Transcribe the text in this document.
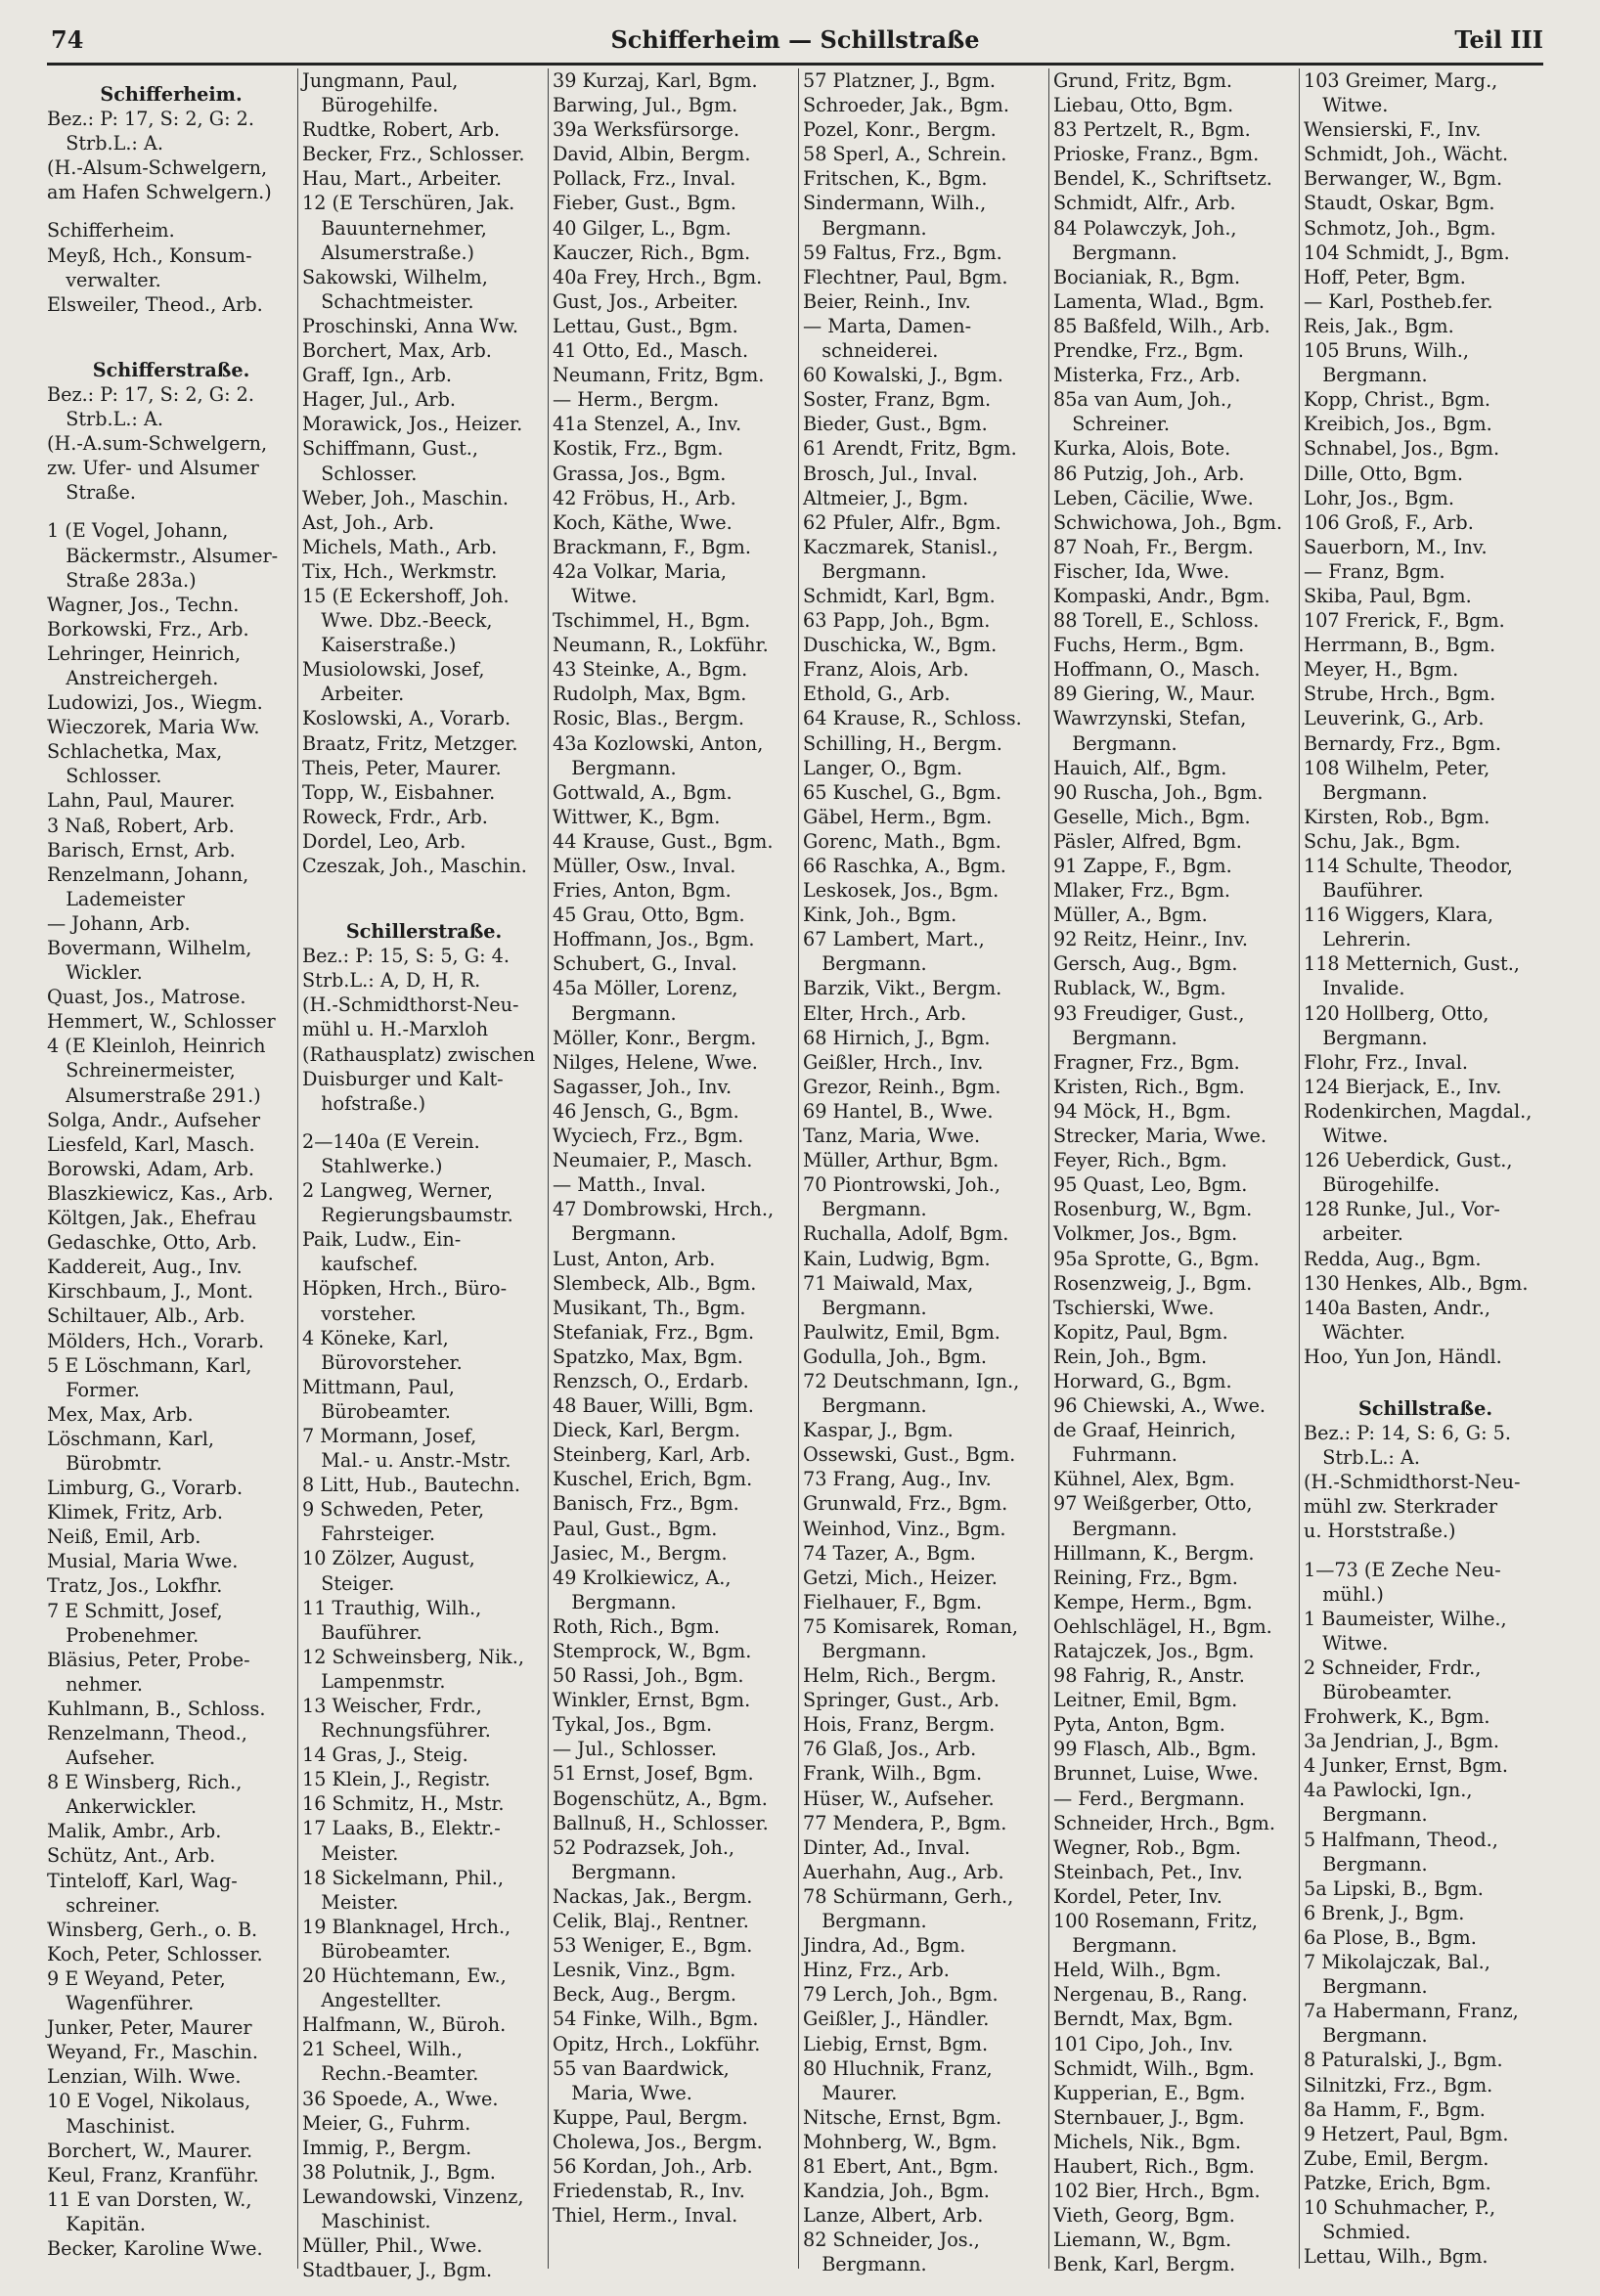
74	Schifferheim — Schillstraße	Teil III
Schifferheim.
Bez.: P: 17, S: 2, G: 2.
 Strb.L.: A.
(H.-Alsum-Schwelgern,
am Hafen Schwelgern.)
Schifferheim.
Meyß, Hch., Konsum-
 verwalter.
Elsweiler, Theod., Arb.
Schifferstraße.
Bez.: P: 17, S: 2, G: 2.
 Strb.L.: A.
(H.-A.sum-Schwelgern,
zw. Ufer- und Alsumer
 Straße.
1 (E Vogel, Johann,
 Bäckermstr., Alsumer-
 Straße 283a.)
Wagner, Jos., Techn.
Borkowski, Frz., Arb.
Lehringer, Heinrich,
 Anstreichergeh.
Ludowizi, Jos., Wiegm.
Wieczorek, Maria Ww.
Schlachetka, Max,
 Schlosser.
Lahn, Paul, Maurer.
3 Naß, Robert, Arb.
Barisch, Ernst, Arb.
Renzelmann, Johann,
 Lademeister
— Johann, Arb.
Bovermann, Wilhelm,
 Wickler.
Quast, Jos., Matrose.
Hemmert, W., Schlosser
4 (E Kleinloh, Heinrich
 Schreinermeister,
 Alsumerstraße 291.)
Solga, Andr., Aufseher
Liesfeld, Karl, Masch.
Borowski, Adam, Arb.
Blaszkiewicz, Kas., Arb.
Költgen, Jak., Ehefrau
Gedaschke, Otto, Arb.
Kaddereit, Aug., Inv.
Kirschbaum, J., Mont.
Schiltauer, Alb., Arb.
Mölders, Hch., Vorarb.
5 E Löschmann, Karl,
 Former.
Mex, Max, Arb.
Löschmann, Karl,
 Bürobmtr.
Limburg, G., Vorarb.
Klimek, Fritz, Arb.
Neiß, Emil, Arb.
Musial, Maria Wwe.
Tratz, Jos., Lokfhr.
7 E Schmitt, Josef,
 Probenehmer.
Bläsius, Peter, Probe-
 nehmer.
Kuhlmann, B., Schloss.
Renzelmann, Theod.,
 Aufseher.
8 E Winsberg, Rich.,
 Ankerwickler.
Malik, Ambr., Arb.
Schütz, Ant., Arb.
Tinteloff, Karl, Wag-
 schreiner.
Winsberg, Gerh., o. B.
Koch, Peter, Schlosser.
9 E Weyand, Peter,
 Wagenführer.
Junker, Peter, Maurer
Weyand, Fr., Maschin.
Lenzian, Wilh. Wwe.
10 E Vogel, Nikolaus,
 Maschinist.
Borchert, W., Maurer.
Keul, Franz, Kranführ.
11 E van Dorsten, W.,
 Kapitän.
Becker, Karoline Wwe.
Jungmann, Paul,
 Bürogehilfe.
Rudtke, Robert, Arb.
Becker, Frz., Schlosser.
Hau, Mart., Arbeiter.
12 (E Terschüren, Jak.
 Bauunternehmer,
 Alsumerstraße.)
Sakowski, Wilhelm,
 Schachtmeister.
Proschinski, Anna Ww.
Borchert, Max, Arb.
Graff, Ign., Arb.
Hager, Jul., Arb.
Morawick, Jos., Heizer.
Schiffmann, Gust.,
 Schlosser.
Weber, Joh., Maschin.
Ast, Joh., Arb.
Michels, Math., Arb.
Tix, Hch., Werkmstr.
15 (E Eckershoff, Joh.
 Wwe. Dbz.-Beeck,
 Kaiserstraße.)
Musiolowski, Josef,
 Arbeiter.
Koslowski, A., Vorarb.
Braatz, Fritz, Metzger.
Theis, Peter, Maurer.
Topp, W., Eisbahner.
Roweck, Frdr., Arb.
Dordel, Leo, Arb.
Czeszak, Joh., Maschin.
Schillerstraße.
Bez.: P: 15, S: 5, G: 4.
Strb.L.: A, D, H, R.
(H.-Schmidthorst-Neu-
mühl u. H.-Marxloh
(Rathausplatz) zwischen
Duisburger und Kalt-
 hofstraße.)
2—140a (E Verein.
 Stahlwerke.)
2 Langweg, Werner,
 Regierungsbaumstr.
Paik, Ludw., Ein-
 kaufschef.
Höpken, Hrch., Büro-
 vorsteher.
4 Köneke, Karl,
 Bürovorsteher.
Mittmann, Paul,
 Bürobeamter.
7 Mormann, Josef,
 Mal.- u. Anstr.-Mstr.
8 Litt, Hub., Bautechn.
9 Schweden, Peter,
 Fahrsteiger.
10 Zölzer, August,
 Steiger.
11 Trauthig, Wilh.,
 Bauführer.
12 Schweinsberg, Nik.,
 Lampenmstr.
13 Weischer, Frdr.,
 Rechnungsführer.
14 Gras, J., Steig.
15 Klein, J., Registr.
16 Schmitz, H., Mstr.
17 Laaks, B., Elektr.-
 Meister.
18 Sickelmann, Phil.,
 Meister.
19 Blanknagel, Hrch.,
 Bürobeamter.
20 Hüchtemann, Ew.,
 Angestellter.
Halfmann, W., Büroh.
21 Scheel, Wilh.,
 Rechn.-Beamter.
36 Spoede, A., Wwe.
Meier, G., Fuhrm.
Immig, P., Bergm.
38 Polutnik, J., Bgm.
Lewandowski, Vinzenz,
 Maschinist.
Müller, Phil., Wwe.
Stadtbauer, J., Bgm.
39 Kurzaj, Karl, Bgm.
Barwing, Jul., Bgm.
39a Werksfürsorge.
David, Albin, Bergm.
Pollack, Frz., Inval.
Fieber, Gust., Bgm.
40 Gilger, L., Bgm.
Kauczer, Rich., Bgm.
40a Frey, Hrch., Bgm.
Gust, Jos., Arbeiter.
Lettau, Gust., Bgm.
41 Otto, Ed., Masch.
Neumann, Fritz, Bgm.
— Herm., Bergm.
41a Stenzel, A., Inv.
Kostik, Frz., Bgm.
Grassa, Jos., Bgm.
42 Fröbus, H., Arb.
Koch, Käthe, Wwe.
Brackmann, F., Bgm.
42a Volkar, Maria,
 Witwe.
Tschimmel, H., Bgm.
Neumann, R., Lokführ.
43 Steinke, A., Bgm.
Rudolph, Max, Bgm.
Rosic, Blas., Bergm.
43a Kozlowski, Anton,
 Bergmann.
Gottwald, A., Bgm.
Wittwer, K., Bgm.
44 Krause, Gust., Bgm.
Müller, Osw., Inval.
Fries, Anton, Bgm.
45 Grau, Otto, Bgm.
Hoffmann, Jos., Bgm.
Schubert, G., Inval.
45a Möller, Lorenz,
 Bergmann.
Möller, Konr., Bergm.
Nilges, Helene, Wwe.
Sagasser, Joh., Inv.
46 Jensch, G., Bgm.
Wyciech, Frz., Bgm.
Neumaier, P., Masch.
— Matth., Inval.
47 Dombrowski, Hrch.,
 Bergmann.
Lust, Anton, Arb.
Slembeck, Alb., Bgm.
Musikant, Th., Bgm.
Stefaniak, Frz., Bgm.
Spatzko, Max, Bgm.
Renzsch, O., Erdarb.
48 Bauer, Willi, Bgm.
Dieck, Karl, Bergm.
Steinberg, Karl, Arb.
Kuschel, Erich, Bgm.
Banisch, Frz., Bgm.
Paul, Gust., Bgm.
Jasiec, M., Bergm.
49 Krolkiewicz, A.,
 Bergmann.
Roth, Rich., Bgm.
Stemprock, W., Bgm.
50 Rassi, Joh., Bgm.
Winkler, Ernst, Bgm.
Tykal, Jos., Bgm.
— Jul., Schlosser.
51 Ernst, Josef, Bgm.
Bogenschütz, A., Bgm.
Ballnuß, H., Schlosser.
52 Podrazsek, Joh.,
 Bergmann.
Nackas, Jak., Bergm.
Celik, Blaj., Rentner.
53 Weniger, E., Bgm.
Lesnik, Vinz., Bgm.
Beck, Aug., Bergm.
54 Finke, Wilh., Bgm.
Opitz, Hrch., Lokführ.
55 van Baardwick,
 Maria, Wwe.
Kuppe, Paul, Bergm.
Cholewa, Jos., Bergm.
56 Kordan, Joh., Arb.
Friedenstab, R., Inv.
Thiel, Herm., Inval.
57 Platzner, J., Bgm.
Schroeder, Jak., Bgm.
Pozel, Konr., Bergm.
58 Sperl, A., Schrein.
Fritschen, K., Bgm.
Sindermann, Wilh.,
 Bergmann.
59 Faltus, Frz., Bgm.
Flechtner, Paul, Bgm.
Beier, Reinh., Inv.
— Marta, Damen-
 schneiderei.
60 Kowalski, J., Bgm.
Soster, Franz, Bgm.
Bieder, Gust., Bgm.
61 Arendt, Fritz, Bgm.
Brosch, Jul., Inval.
Altmeier, J., Bgm.
62 Pfuler, Alfr., Bgm.
Kaczmarek, Stanisl.,
 Bergmann.
Schmidt, Karl, Bgm.
63 Papp, Joh., Bgm.
Duschicka, W., Bgm.
Franz, Alois, Arb.
Ethold, G., Arb.
64 Krause, R., Schloss.
Schilling, H., Bergm.
Langer, O., Bgm.
65 Kuschel, G., Bgm.
Gäbel, Herm., Bgm.
Gorenc, Math., Bgm.
66 Raschka, A., Bgm.
Leskosek, Jos., Bgm.
Kink, Joh., Bgm.
67 Lambert, Mart.,
 Bergmann.
Barzik, Vikt., Bergm.
Elter, Hrch., Arb.
68 Hirnich, J., Bgm.
Geißler, Hrch., Inv.
Grezor, Reinh., Bgm.
69 Hantel, B., Wwe.
Tanz, Maria, Wwe.
Müller, Arthur, Bgm.
70 Piontrowski, Joh.,
 Bergmann.
Ruchalla, Adolf, Bgm.
Kain, Ludwig, Bgm.
71 Maiwald, Max,
 Bergmann.
Paulwitz, Emil, Bgm.
Godulla, Joh., Bgm.
72 Deutschmann, Ign.,
 Bergmann.
Kaspar, J., Bgm.
Ossewski, Gust., Bgm.
73 Frang, Aug., Inv.
Grunwald, Frz., Bgm.
Weinhod, Vinz., Bgm.
74 Tazer, A., Bgm.
Getzi, Mich., Heizer.
Fielhauer, F., Bgm.
75 Komisarek, Roman,
 Bergmann.
Helm, Rich., Bergm.
Springer, Gust., Arb.
Hois, Franz, Bergm.
76 Glaß, Jos., Arb.
Frank, Wilh., Bgm.
Hüser, W., Aufseher.
77 Mendera, P., Bgm.
Dinter, Ad., Inval.
Auerhahn, Aug., Arb.
78 Schürmann, Gerh.,
 Bergmann.
Jindra, Ad., Bgm.
Hinz, Frz., Arb.
79 Lerch, Joh., Bgm.
Geißler, J., Händler.
Liebig, Ernst, Bgm.
80 Hluchnik, Franz,
 Maurer.
Nitsche, Ernst, Bgm.
Mohnberg, W., Bgm.
81 Ebert, Ant., Bgm.
Kandzia, Joh., Bgm.
Lanze, Albert, Arb.
82 Schneider, Jos.,
 Bergmann.
Grund, Fritz, Bgm.
Liebau, Otto, Bgm.
83 Pertzelt, R., Bgm.
Prioske, Franz., Bgm.
Bendel, K., Schriftsetz.
Schmidt, Alfr., Arb.
84 Polawczyk, Joh.,
 Bergmann.
Bocianiak, R., Bgm.
Lamenta, Wlad., Bgm.
85 Baßfeld, Wilh., Arb.
Prendke, Frz., Bgm.
Misterka, Frz., Arb.
85a van Aum, Joh.,
 Schreiner.
Kurka, Alois, Bote.
86 Putzig, Joh., Arb.
Leben, Cäcilie, Wwe.
Schwichowa, Joh., Bgm.
87 Noah, Fr., Bergm.
Fischer, Ida, Wwe.
Kompaski, Andr., Bgm.
88 Torell, E., Schloss.
Fuchs, Herm., Bgm.
Hoffmann, O., Masch.
89 Giering, W., Maur.
Wawrzynski, Stefan,
 Bergmann.
Hauich, Alf., Bgm.
90 Ruscha, Joh., Bgm.
Geselle, Mich., Bgm.
Päsler, Alfred, Bgm.
91 Zappe, F., Bgm.
Mlaker, Frz., Bgm.
Müller, A., Bgm.
92 Reitz, Heinr., Inv.
Gersch, Aug., Bgm.
Rublack, W., Bgm.
93 Freudiger, Gust.,
 Bergmann.
Fragner, Frz., Bgm.
Kristen, Rich., Bgm.
94 Möck, H., Bgm.
Strecker, Maria, Wwe.
Feyer, Rich., Bgm.
95 Quast, Leo, Bgm.
Rosenburg, W., Bgm.
Volkmer, Jos., Bgm.
95a Sprotte, G., Bgm.
Rosenzweig, J., Bgm.
Tschierski, Wwe.
Kopitz, Paul, Bgm.
Rein, Joh., Bgm.
Horward, G., Bgm.
96 Chiewski, A., Wwe.
de Graaf, Heinrich,
 Fuhrmann.
Kühnel, Alex, Bgm.
97 Weißgerber, Otto,
 Bergmann.
Hillmann, K., Bergm.
Reining, Frz., Bgm.
Kempe, Herm., Bgm.
Oehlschlägel, H., Bgm.
Ratajczek, Jos., Bgm.
98 Fahrig, R., Anstr.
Leitner, Emil, Bgm.
Pyta, Anton, Bgm.
99 Flasch, Alb., Bgm.
Brunnet, Luise, Wwe.
— Ferd., Bergmann.
Schneider, Hrch., Bgm.
Wegner, Rob., Bgm.
Steinbach, Pet., Inv.
Kordel, Peter, Inv.
100 Rosemann, Fritz,
 Bergmann.
Held, Wilh., Bgm.
Nergenau, B., Rang.
Berndt, Max, Bgm.
101 Cipo, Joh., Inv.
Schmidt, Wilh., Bgm.
Kupperian, E., Bgm.
Sternbauer, J., Bgm.
Michels, Nik., Bgm.
Haubert, Rich., Bgm.
102 Bier, Hrch., Bgm.
Vieth, Georg, Bgm.
Liemann, W., Bgm.
Benk, Karl, Bergm.
103 Greimer, Marg.,
 Witwe.
Wensierski, F., Inv.
Schmidt, Joh., Wächt.
Berwanger, W., Bgm.
Staudt, Oskar, Bgm.
Schmotz, Joh., Bgm.
104 Schmidt, J., Bgm.
Hoff, Peter, Bgm.
— Karl, Postheb.fer.
Reis, Jak., Bgm.
105 Bruns, Wilh.,
 Bergmann.
Kopp, Christ., Bgm.
Kreibich, Jos., Bgm.
Schnabel, Jos., Bgm.
Dille, Otto, Bgm.
Lohr, Jos., Bgm.
106 Groß, F., Arb.
Sauerborn, M., Inv.
— Franz, Bgm.
Skiba, Paul, Bgm.
107 Frerick, F., Bgm.
Herrmann, B., Bgm.
Meyer, H., Bgm.
Strube, Hrch., Bgm.
Leuverink, G., Arb.
Bernardy, Frz., Bgm.
108 Wilhelm, Peter,
 Bergmann.
Kirsten, Rob., Bgm.
Schu, Jak., Bgm.
114 Schulte, Theodor,
 Bauführer.
116 Wiggers, Klara,
 Lehrerin.
118 Metternich, Gust.,
 Invalide.
120 Hollberg, Otto,
 Bergmann.
Flohr, Frz., Inval.
124 Bierjack, E., Inv.
Rodenkirchen, Magdal.,
 Witwe.
126 Ueberdick, Gust.,
 Bürogehilfe.
128 Runke, Jul., Vor-
 arbeiter.
Redda, Aug., Bgm.
130 Henkes, Alb., Bgm.
140a Basten, Andr.,
 Wächter.
Hoo, Yun Jon, Händl.
Schillstraße.
Bez.: P: 14, S: 6, G: 5.
 Strb.L.: A.
(H.-Schmidthorst-Neu-
mühl zw. Sterkrader
u. Horststraße.)
1—73 (E Zeche Neu-
 mühl.)
1 Baumeister, Wilhe.,
 Witwe.
2 Schneider, Frdr.,
 Bürobeamter.
Frohwerk, K., Bgm.
3a Jendrian, J., Bgm.
4 Junker, Ernst, Bgm.
4a Pawlocki, Ign.,
 Bergmann.
5 Halfmann, Theod.,
 Bergmann.
5a Lipski, B., Bgm.
6 Brenk, J., Bgm.
6a Plose, B., Bgm.
7 Mikolajczak, Bal.,
 Bergmann.
7a Habermann, Franz,
 Bergmann.
8 Paturalski, J., Bgm.
Silnitzki, Frz., Bgm.
8a Hamm, F., Bgm.
9 Hetzert, Paul, Bgm.
Zube, Emil, Bergm.
Patzke, Erich, Bgm.
10 Schuhmacher, P.,
 Schmied.
Lettau, Wilh., Bgm.
